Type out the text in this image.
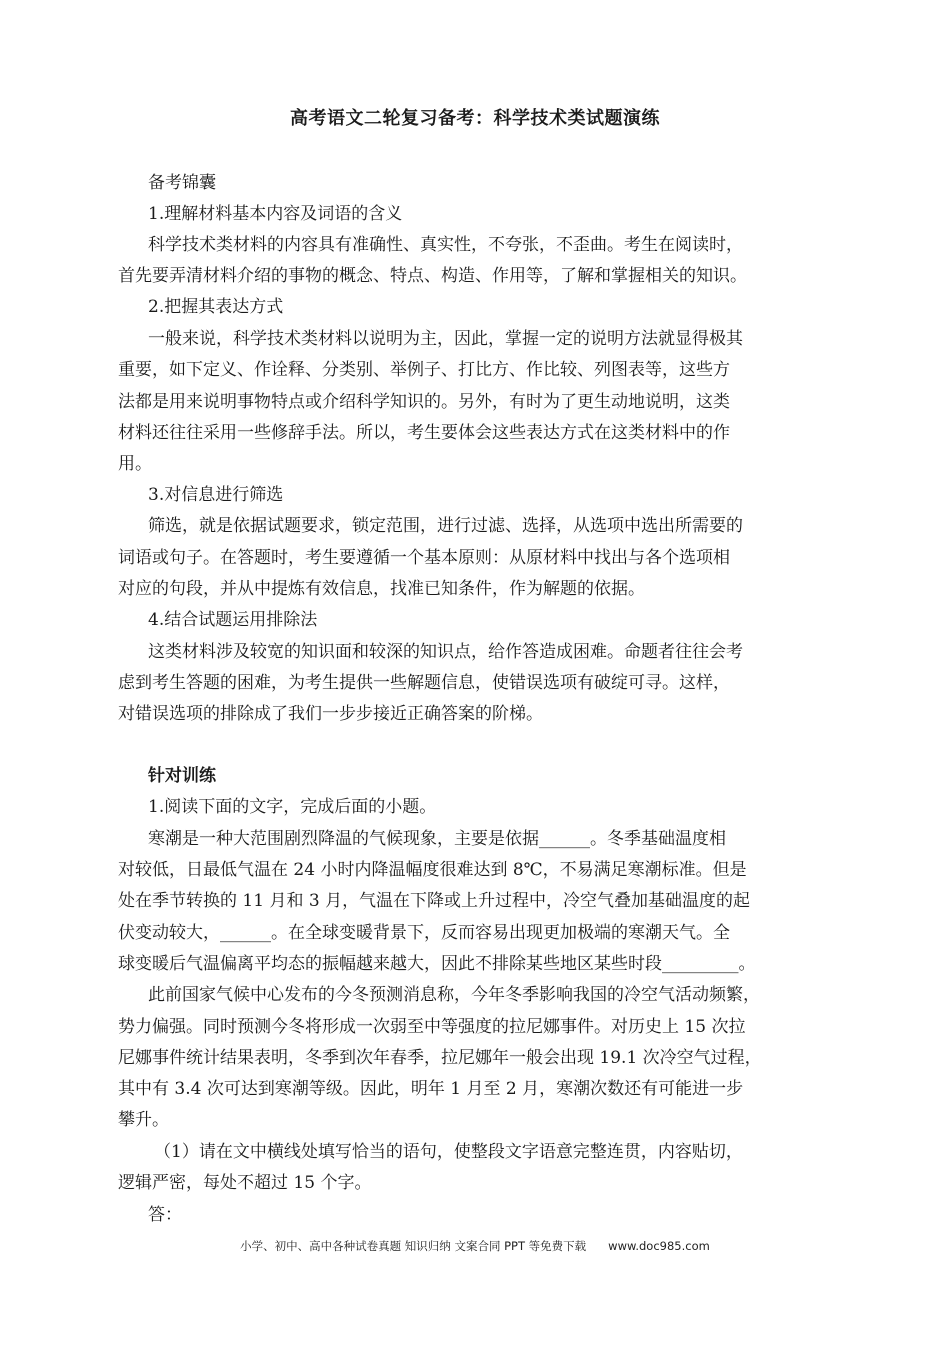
高考语文二轮复习备考：科学技术类试题演练
备考锦囊
1.理解材料基本内容及词语的含义
科学技术类材料的内容具有准确性、真实性，不夸张，不歪曲。考生在阅读时，
首先要弄清材料介绍的事物的概念、特点、构造、作用等，了解和掌握相关的知识。
2.把握其表达方式
一般来说，科学技术类材料以说明为主，因此，掌握一定的说明方法就显得极其
重要，如下定义、作诠释、分类别、举例子、打比方、作比较、列图表等，这些方
法都是用来说明事物特点或介绍科学知识的。另外，有时为了更生动地说明，这类
材料还往往采用一些修辞手法。所以，考生要体会这些表达方式在这类材料中的作
用。
3.对信息进行筛选
筛选，就是依据试题要求，锁定范围，进行过滤、选择，从选项中选出所需要的
词语或句子。在答题时，考生要遵循一个基本原则：从原材料中找出与各个选项相
对应的句段，并从中提炼有效信息，找准已知条件，作为解题的依据。
4.结合试题运用排除法
这类材料涉及较宽的知识面和较深的知识点，给作答造成困难。命题者往往会考
虑到考生答题的困难，为考生提供一些解题信息，使错误选项有破绽可寻。这样，
对错误选项的排除成了我们一步步接近正确答案的阶梯。
针对训练
1.阅读下面的文字，完成后面的小题。
寒潮是一种大范围剧烈降温的气候现象，主要是依据______。冬季基础温度相
对较低，日最低气温在 24 小时内降温幅度很难达到 8℃，不易满足寒潮标准。但是
处在季节转换的 11 月和 3 月，气温在下降或上升过程中，冷空气叠加基础温度的起
伏变动较大，______。在全球变暖背景下，反而容易出现更加极端的寒潮天气。全
球变暖后气温偏离平均态的振幅越来越大，因此不排除某些地区某些时段_________。
此前国家气候中心发布的今冬预测消息称，今年冬季影响我国的冷空气活动频繁，
势力偏强。同时预测今冬将形成一次弱至中等强度的拉尼娜事件。对历史上 15 次拉
尼娜事件统计结果表明，冬季到次年春季，拉尼娜年一般会出现 19.1 次冷空气过程，
其中有 3.4 次可达到寒潮等级。因此，明年 1 月至 2 月，寒潮次数还有可能进一步
攀升。
（1）请在文中横线处填写恰当的语句，使整段文字语意完整连贯，内容贴切，
逻辑严密，每处不超过 15 个字。
答：
小学、初中、高中各种试卷真题 知识归纳 文案合同 PPT 等免费下载 www.doc985.com
